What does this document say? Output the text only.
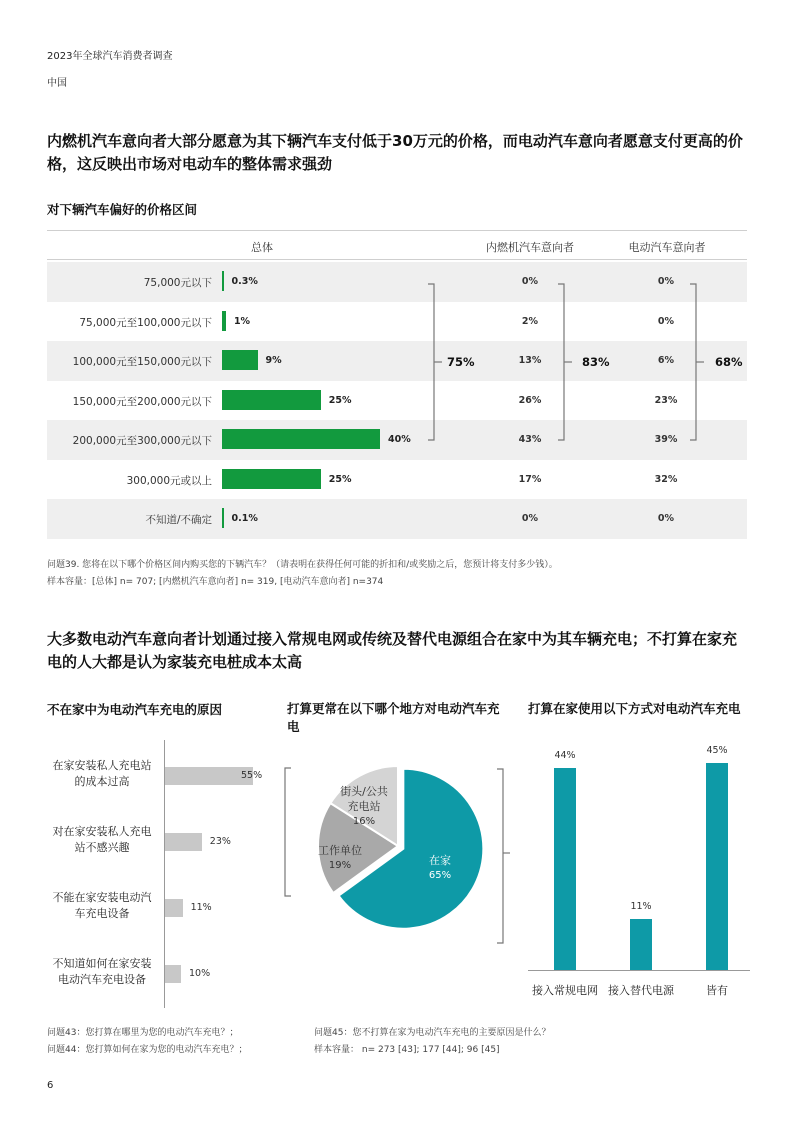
2023年全球汽车消费者调查
中国
内燃机汽车意向者大部分愿意为其下辆汽车支付低于30万元的价格，而电动汽车意向者愿意支付更高的价格，这反映出市场对电动车的整体需求强劲
对下辆汽车偏好的价格区间
总体	内燃机汽车意向者	电动汽车意向者
75,000元以下 0.3%	0%	0%
75,000元至100,000元以下 1%	2%	0%
100,000元至150,000元以下	9%	13%	6%
150,000元至200,000元以下	25%	26%	23%
200,000元至300,000元以下	40%	43%	39%
300,000元或以上	25%	17%	32%
不知道/不确定 0.1%	0%	0%
75%	83%	68%
问题39. 您将在以下哪个价格区间内购买您的下辆汽车？（请表明在获得任何可能的折扣和/或奖励之后，您预计将支付多少钱）。
样本容量：[总体] n= 707; [内燃机汽车意向者] n= 319, [电动汽车意向者] n=374
大多数电动汽车意向者计划通过接入常规电网或传统及替代电源组合在家中为其车辆充电；不打算在家充电的人大都是认为家装充电桩成本太高
不在家中为电动汽车充电的原因	打算更常在以下哪个地方对电动汽车充电
打算在家使用以下方式对电动汽车充电
在家安装私人充电站
的成本过高	55%
对在家安装私人充电
站不感兴趣	23%
不能在家安装电动汽
车充电设备	11%
不知道如何在家安装
电动汽车充电设备	10%
在家
65%
工作单位
19%
街头/公共
充电站
16%
44%
接入常规电网
11%
接入替代电源
45%
皆有
问题43：您打算在哪里为您的电动汽车充电？；
问题44：您打算如何在家为您的电动汽车充电？；
问题45：您不打算在家为电动汽车充电的主要原因是什么？
样本容量： n= 273 [43]; 177 [44]; 96 [45]
6
